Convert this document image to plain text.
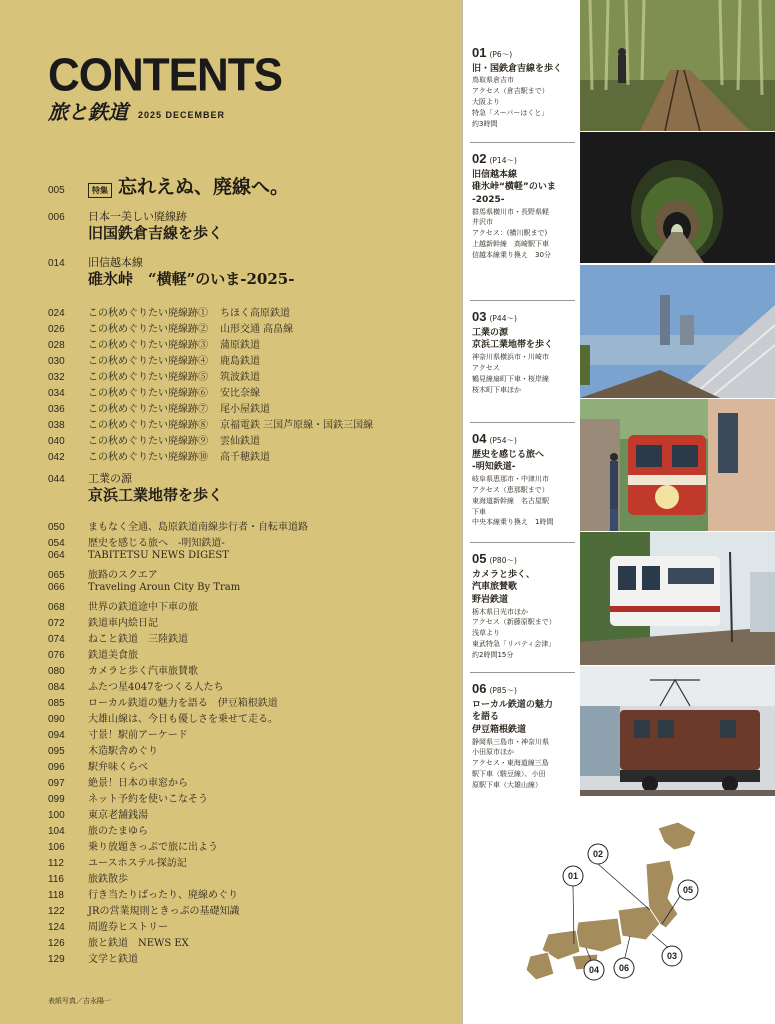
CONTENTS
旅と鉄道 2025 DECEMBER
005	特集 忘れえぬ、廃線へ。
006	日本一美しい廃線跡
旧国鉄倉吉線を歩く
014	旧信越本線
碓氷峠　“横軽”のいま-2025-
024	この秋めぐりたい廃線跡① ちほく高原鉄道
026	この秋めぐりたい廃線跡② 山形交通 高畠線
028	この秋めぐりたい廃線跡③ 蒲原鉄道
030	この秋めぐりたい廃線跡④ 鹿島鉄道
032	この秋めぐりたい廃線跡⑤ 筑波鉄道
034	この秋めぐりたい廃線跡⑥ 安比奈線
036	この秋めぐりたい廃線跡⑦ 尾小屋鉄道
038	この秋めぐりたい廃線跡⑧ 京福電鉄 三国芦原線・国鉄三国線
040	この秋めぐりたい廃線跡⑨ 雲仙鉄道
042	この秋めぐりたい廃線跡⑩ 高千穂鉄道
044	工業の源
京浜工業地帯を歩く
050	まもなく全通、島原鉄道南線歩行者・自転車道路
054	歴史を感じる旅へ　-明知鉄道-
064	TABITETSU NEWS DIGEST
065	旅路のスクエア
066	Traveling Aroun City By Tram
068	世界の鉄道途中下車の旅
072	鉄道車内絵日記
074	ねこと鉄道　三陸鉄道
076	鉄道美食旅
080	カメラと歩く汽車旅賛歌
084	ふたつ星4047をつくる人たち
085	ローカル鉄道の魅力を語る　伊豆箱根鉄道
090	大雄山線は、今日も優しさを乗せて走る。
094	寸景！駅前アーケード
095	木造駅舎めぐり
096	駅弁味くらべ
097	絶景！日本の車窓から
099	ネット予約を使いこなそう
100	東京老舗銭湯
104	旅のたまゆら
106	乗り放題きっぷで旅に出よう
112	ユースホステル探訪記
116	旅鉄散歩
118	行き当たりばったり、廃線めぐり
122	JRの営業規則ときっぷの基礎知識
124	周遊券ヒストリー
126	旅と鉄道　NEWS EX
129	文学と鉄道
表紙写真／吉永陽一
01 (P6～)
旧・国鉄倉吉線を歩く
鳥取県倉吉市
アクセス（倉吉駅まで）
大阪より
特急「スーパーはくと」
約3時間
02 (P14～)
旧信越本線
碓氷峠“横軽”のいま
-2025-
群馬県横川市・長野県軽
井沢市
アクセス：(横川駅まで)
上越新幹線　高崎駅下車
信越本線乗り換え　30分
03 (P44～)
工業の源
京浜工業地帯を歩く
神奈川県横浜市・川崎市
アクセス
鶴見線扇町下車・桜岸線
桜木町下車ほか
04 (P54～)
歴史を感じる旅へ
-明知鉄道-
岐阜県恵那市・中津川市
アクセス（恵那駅まで）
東海道新幹線　名古屋駅
下車
中央本線乗り換え　1時間
05 (P80～)
カメラと歩く、
汽車旅賛歌
野岩鉄道
栃木県日光市ほか
アクセス（新藤原駅まで）
浅草より
東武特急「リバティ会津」
約2時間15分
06 (P85～)
ローカル鉄道の魅力
を語る
伊豆箱根鉄道
静岡県三島市・神奈川県
小田原市ほか
アクセス・東海道線三島
駅下車（駿豆線）、小田
原駅下車（大雄山線）
01
02
03
04
05
06
